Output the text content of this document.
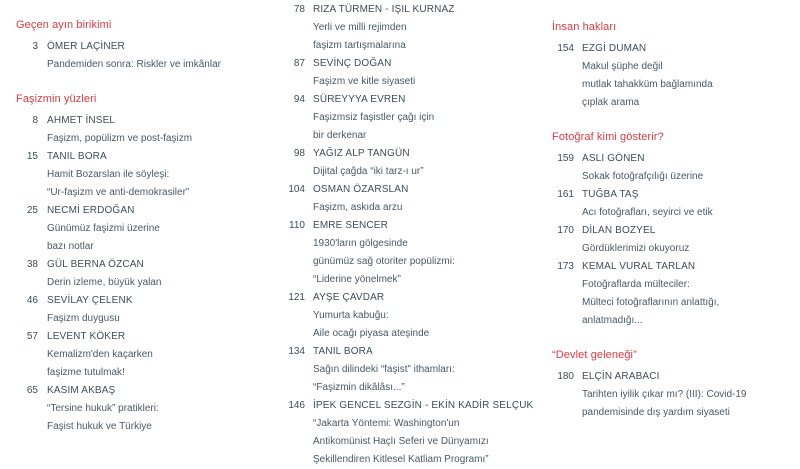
Geçen ayın birikimi
3 ÖMER LAÇİNER
Pandemiden sonra: Riskler ve imkânlar
Faşizmin yüzleri
8 AHMET İNSEL
Faşizm, popülizm ve post-faşizm
15 TANIL BORA
Hamit Bozarslan ile söyleşi:
“Ur-faşizm ve anti-demokrasiler”
25 NECMİ ERDOĞAN
Günümüz faşizmi üzerine
bazı notlar
38 GÜL BERNA ÖZCAN
Derin izleme, büyük yalan
46 SEVİLAY ÇELENK
Faşizm duygusu
57 LEVENT KÖKER
Kemalizm'den kaçarken
faşizme tutulmak!
65 KASIM AKBAŞ
“Tersine hukuk” pratikleri:
Faşist hukuk ve Türkiye
78 RIZA TÜRMEN - IŞIL KURNAZ
Yerli ve milli rejimden
faşizm tartışmalarına
87 SEVİNÇ DOĞAN
Faşizm ve kitle siyaseti
94 SÜREYYYA EVREN
Faşizmsiz faşistler çağı için
bir derkenar
98 YAĞIZ ALP TANGÜN
Dijital çağda “iki tarz-ı ur”
104 OSMAN ÖZARSLAN
Faşizm, askıda arzu
110 EMRE SENCER
1930'ların gölgesinde
günümüz sağ otoriter popülizmi:
“Liderine yönelmek”
121 AYŞE ÇAVDAR
Yumurta kabuğu:
Aile ocağı piyasa ateşinde
134 TANIL BORA
Sağın dilindeki “faşist” ithamları:
“Faşizmin dikâlâsı...”
146 İPEK GENCEL SEZGİN - EKİN KADİR SELÇUK
“Jakarta Yöntemi: Washington'un
Antikomünist Haçlı Seferi ve Dünyamızı
Şekillendiren Kitlesel Katliam Programı”
İnsan hakları
154 EZGİ DUMAN
Makul şüphe değil
mutlak tahakküm bağlamında
çıplak arama
Fotoğraf kimi gösterir?
159 ASLI GÖNEN
Sokak fotoğrafçılığı üzerine
161 TUĞBA TAŞ
Acı fotoğrafları, seyirci ve etik
170 DİLAN BOZYEL
Gördüklerimizi okuyoruz
173 KEMAL VURAL TARLAN
Fotoğraflarda mülteciler:
Mülteci fotoğraflarının anlattığı,
anlatmadığı...
“Devlet geleneği”
180 ELÇİN ARABACI
Tarihten iyilik çıkar mı? (III): Covid-19
pandemisinde dış yardım siyaseti
